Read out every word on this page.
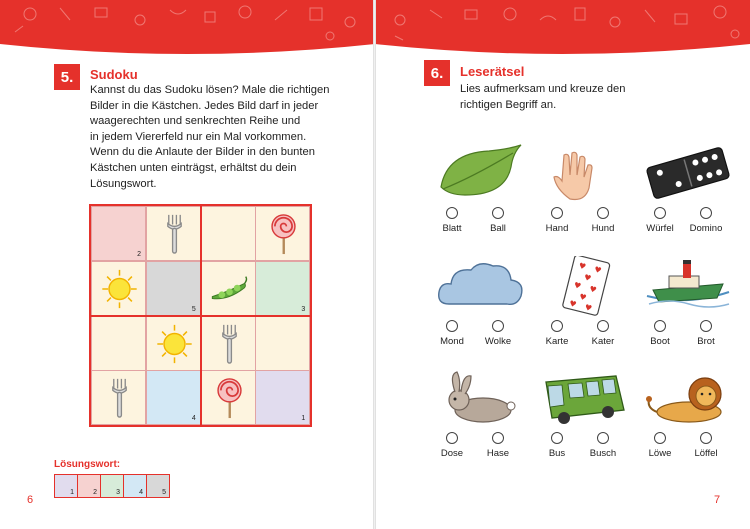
5.	Sudoku
Kannst du das Sudoku lösen? Male die richtigen
Bilder in die Kästchen. Jedes Bild darf in jeder
waagerechten und senkrechten Reihe und
in jedem Viererfeld nur ein Mal vorkommen.
Wenn du die Anlaute der Bilder in den bunten
Kästchen unten einträgst, erhältst du dein
Lösungswort.
2
5	3
4	1
Lösungswort:
1	2	3	4	5
6
6.	Leserätsel
Lies aufmerksam und kreuze den
richtigen Begriff an.
Blatt	Ball	Hand	Hund	Würfel	Domino
Mond	Wolke
♥ ♥
♥
♥ ♥
♥
♥ ♥
Karte	Kater	Boot	Brot
Dose	Hase	Bus	Busch	Löwe	Löffel
7
